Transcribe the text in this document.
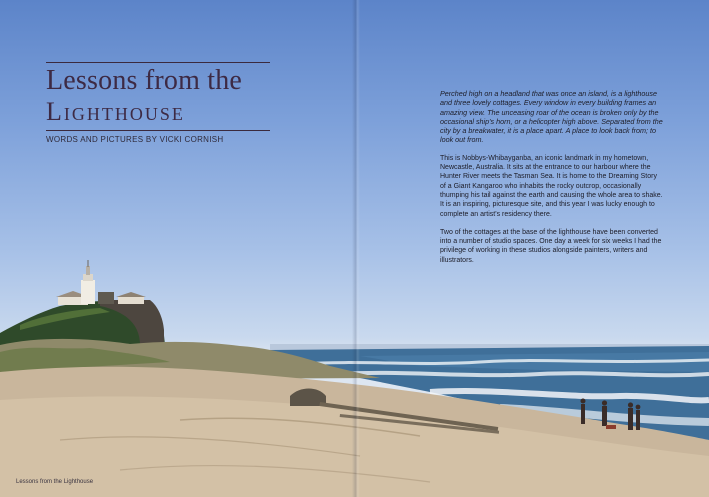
Lessons from the
Lighthouse
WORDS AND PICTURES BY VICKI CORNISH

Perched high on a headland that was once an island, is a lighthouse and three lovely cottages. Every window in every building frames an amazing view. The unceasing roar of the ocean is broken only by the occasional ship's horn, or a helicopter high above. Separated from the city by a breakwater, it is a place apart. A place to look back from; to look out from.

This is Nobbys-Whibayganba, an iconic landmark in my hometown, Newcastle, Australia. It sits at the entrance to our harbour where the Hunter River meets the Tasman Sea. It is home to the Dreaming Story of a Giant Kangaroo who inhabits the rocky outcrop, occasionally thumping his tail against the earth and causing the whole area to shake. It is an inspiring, picturesque site, and this year I was lucky enough to complete an artist's residency there.

Two of the cottages at the base of the lighthouse have been converted into a number of studio spaces. One day a week for six weeks I had the privilege of working in these studios alongside painters, writers and illustrators.

Lessons from the Lighthouse
